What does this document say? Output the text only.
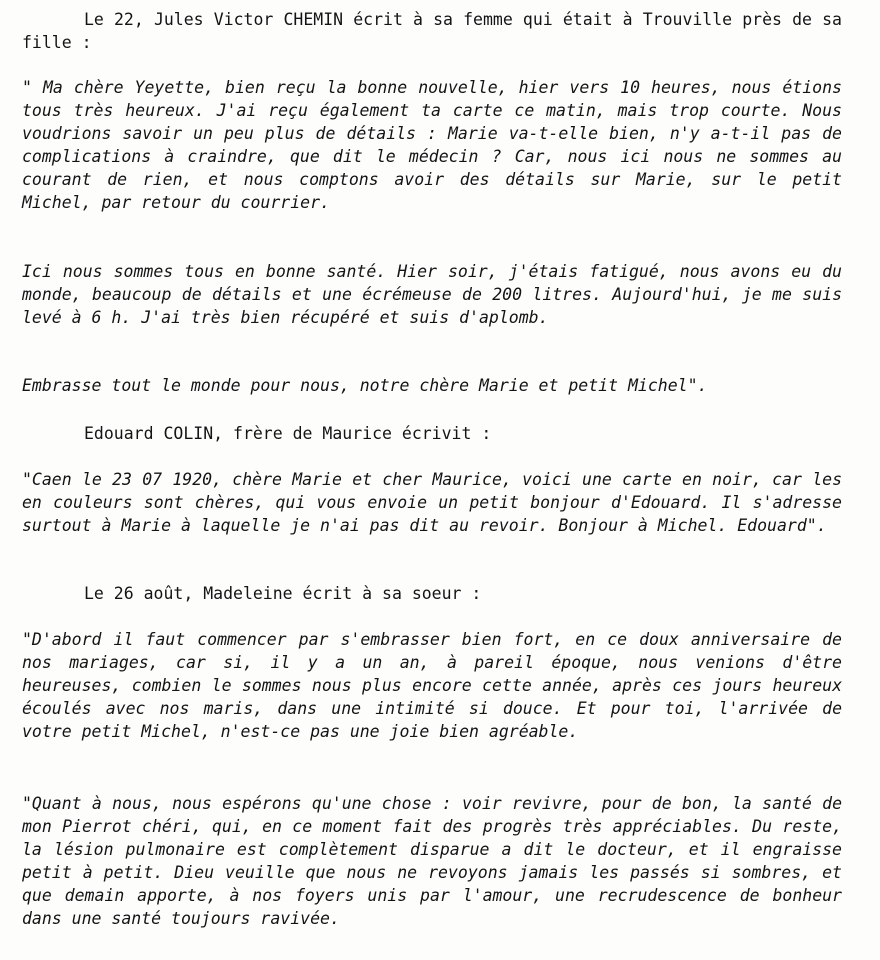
Le 22, Jules Victor CHEMIN écrit à sa femme qui était à Trouville près de sa fille :

" Ma chère Yeyette, bien reçu la bonne nouvelle, hier vers 10 heures, nous étions tous très heureux. J'ai reçu également ta carte ce matin, mais trop courte. Nous voudrions savoir un peu plus de détails : Marie va-t-elle bien, n'y a-t-il pas de complications à craindre, que dit le médecin ? Car, nous ici nous ne sommes au courant de rien, et nous comptons avoir des détails sur Marie, sur le petit Michel, par retour du courrier.

Ici nous sommes tous en bonne santé. Hier soir, j'étais fatigué, nous avons eu du monde, beaucoup de détails et une écrémeuse de 200 litres. Aujourd'hui, je me suis levé à 6 h. J'ai très bien récupéré et suis d'aplomb.

Embrasse tout le monde pour nous, notre chère Marie et petit Michel".

Edouard COLIN, frère de Maurice écrivit :

"Caen le 23 07 1920, chère Marie et cher Maurice, voici une carte en noir, car les en couleurs sont chères, qui vous envoie un petit bonjour d'Edouard. Il s'adresse surtout à Marie à laquelle je n'ai pas dit au revoir. Bonjour à Michel. Edouard".

Le 26 août, Madeleine écrit à sa soeur :

"D'abord il faut commencer par s'embrasser bien fort, en ce doux anniversaire de nos mariages, car si, il y a un an, à pareil époque, nous venions d'être heureuses, combien le sommes nous plus encore cette année, après ces jours heureux écoulés avec nos maris, dans une intimité si douce. Et pour toi, l'arrivée de votre petit Michel, n'est-ce pas une joie bien agréable.

"Quant à nous, nous espérons qu'une chose : voir revivre, pour de bon, la santé de mon Pierrot chéri, qui, en ce moment fait des progrès très appréciables. Du reste, la lésion pulmonaire est complètement disparue a dit le docteur, et il engraisse petit à petit. Dieu veuille que nous ne revoyons jamais les passés si sombres, et que demain apporte, à nos foyers unis par l'amour, une recrudescence de bonheur dans une santé toujours ravivée.
